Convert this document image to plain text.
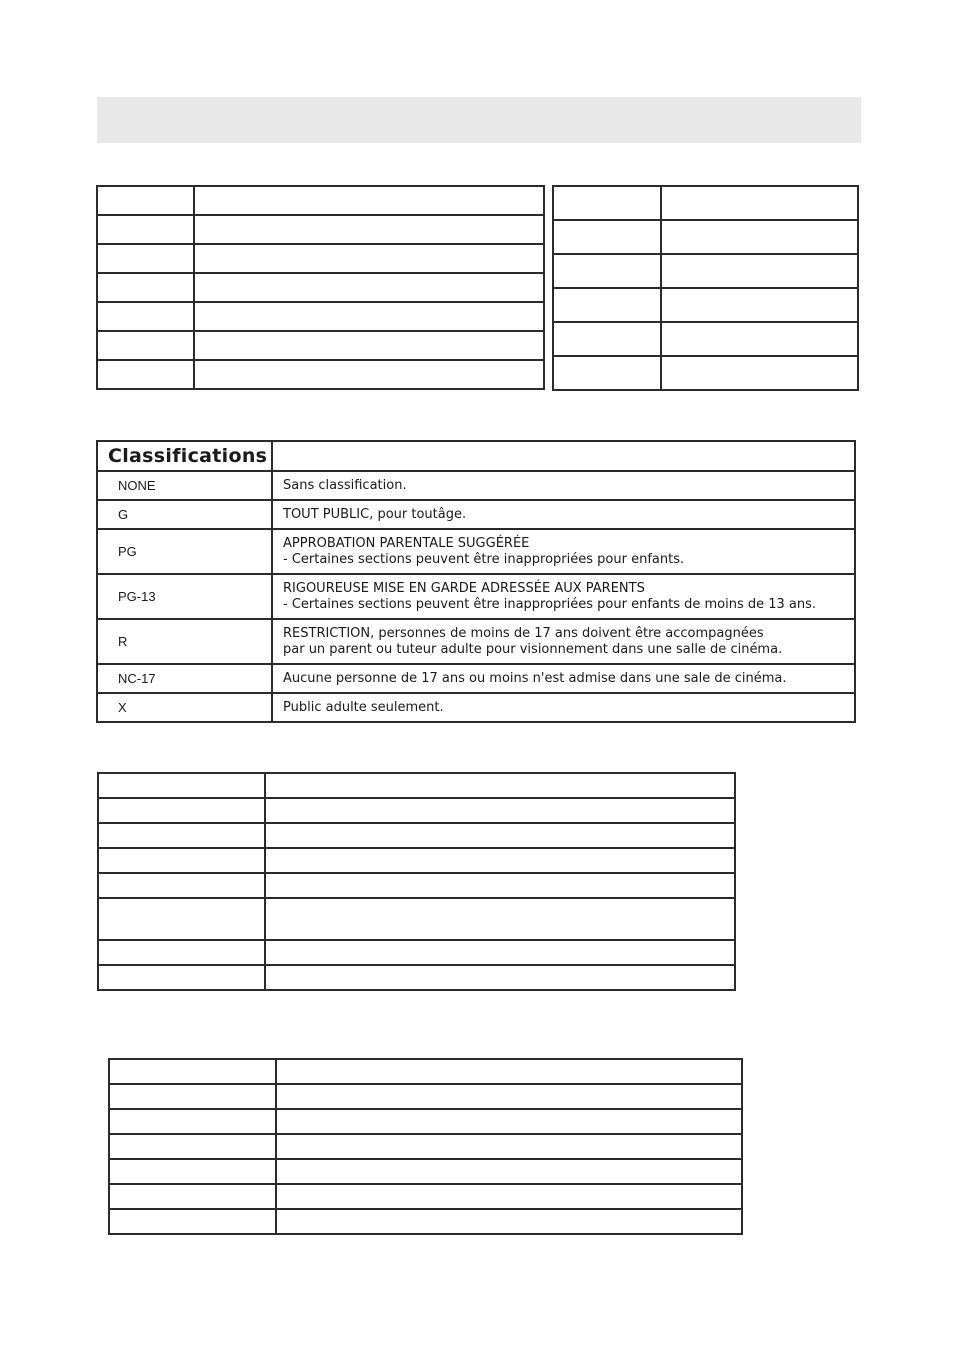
Classifications	
NONE	Sans classification.

G	TOUT PUBLIC, pour toutâge.

PG	APPROBATION PARENTALE SUGGÉRÉE
- Certaines sections peuvent être inappropriées pour enfants.

PG-13	RIGOUREUSE MISE EN GARDE ADRESSÉE AUX PARENTS
- Certaines sections peuvent être inappropriées pour enfants de moins de 13 ans.

R	RESTRICTION, personnes de moins de 17 ans doivent être accompagnées
par un parent ou tuteur adulte pour visionnement dans une salle de cinéma.

NC-17	Aucune personne de 17 ans ou moins n'est admise dans une sale de cinéma.

X	Public adulte seulement.
